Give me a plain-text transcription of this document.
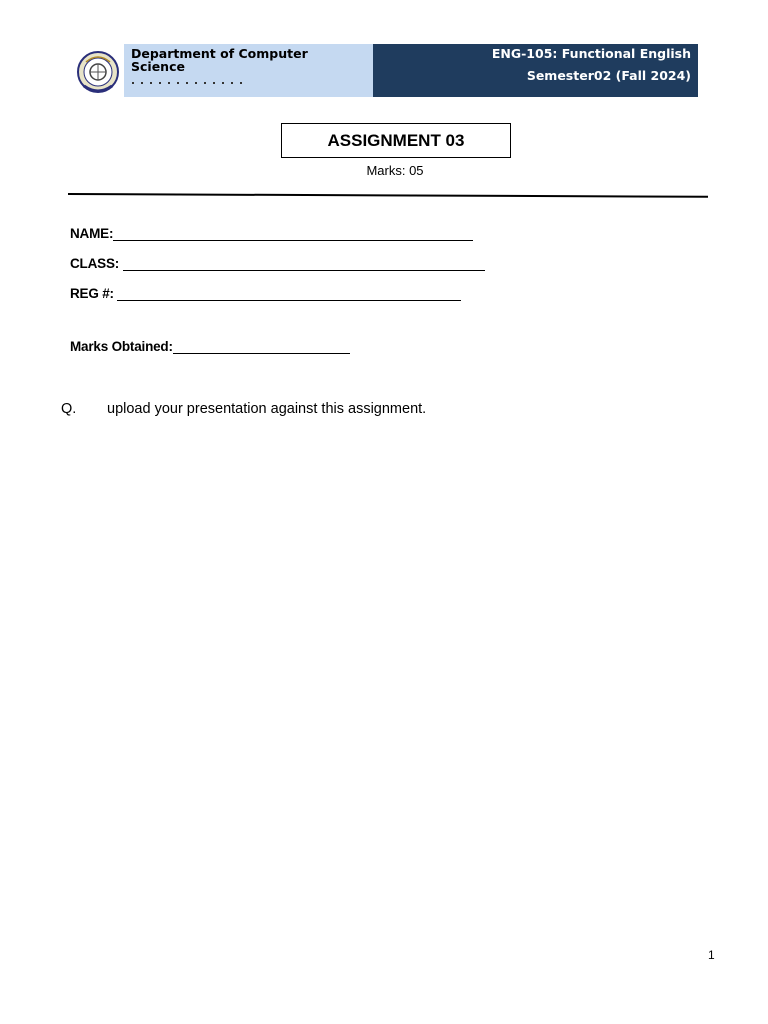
Department of Computer Science
ENG-105: Functional English
Semester02 (Fall 2024)
ASSIGNMENT 03
Marks: 05
NAME:
CLASS:
REG #:
Marks Obtained:
Q. upload your presentation against this assignment.
1
